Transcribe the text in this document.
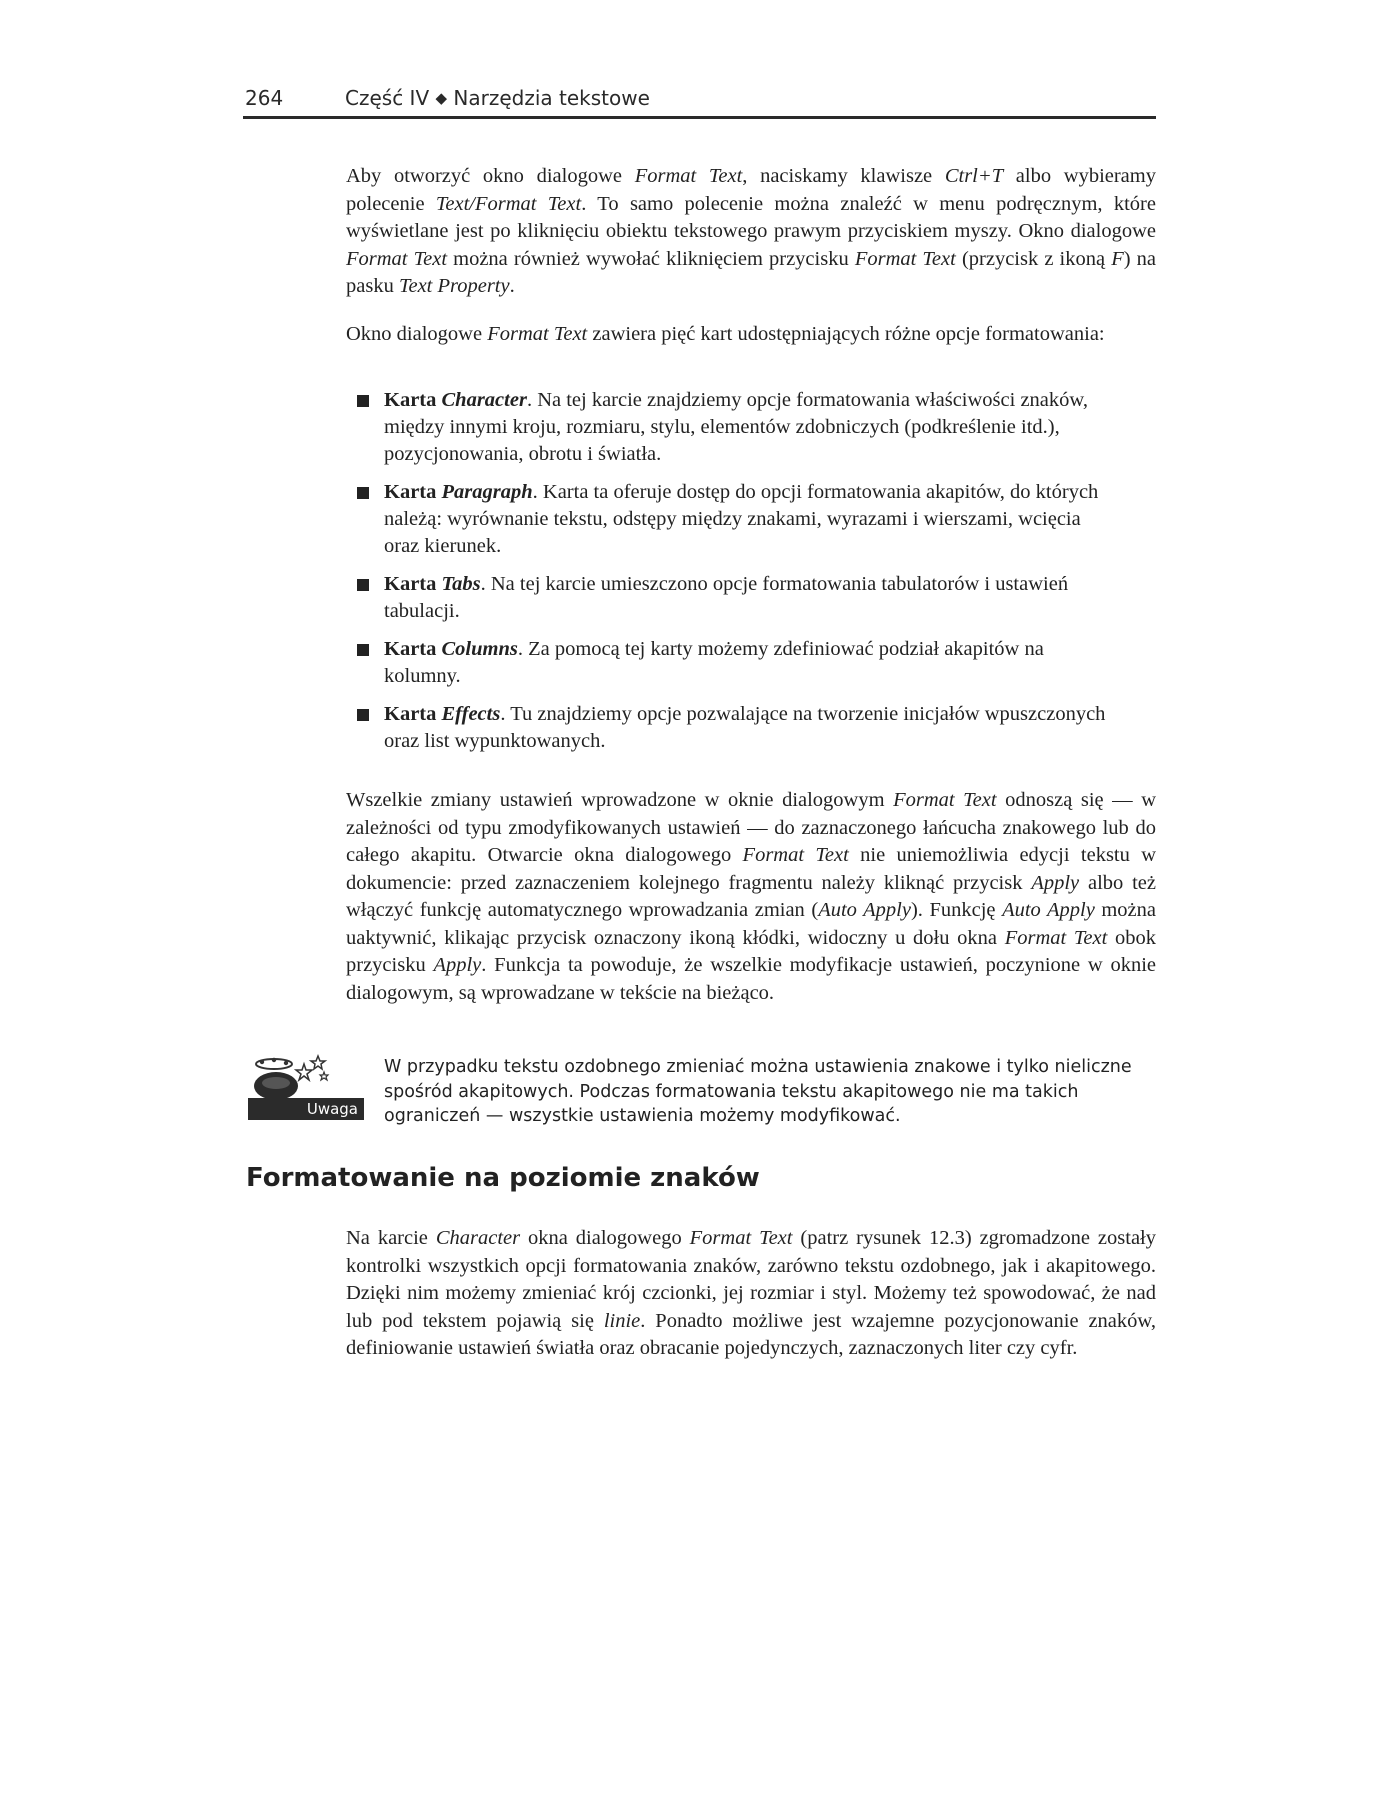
264	Część IV ◆ Narzędzia tekstowe

Aby otworzyć okno dialogowe Format Text, naciskamy klawisze Ctrl+T albo wybieramy polecenie Text/Format Text. To samo polecenie można znaleźć w menu podręcznym, które wyświetlane jest po kliknięciu obiektu tekstowego prawym przyciskiem myszy. Okno dialogowe Format Text można również wywołać kliknięciem przycisku Format Text (przycisk z ikoną F) na pasku Text Property.

Okno dialogowe Format Text zawiera pięć kart udostępniających różne opcje formatowania:

Karta Character. Na tej karcie znajdziemy opcje formatowania właściwości znaków, między innymi kroju, rozmiaru, stylu, elementów zdobniczych (podkreślenie itd.), pozycjonowania, obrotu i światła.
Karta Paragraph. Karta ta oferuje dostęp do opcji formatowania akapitów, do których należą: wyrównanie tekstu, odstępy między znakami, wyrazami i wierszami, wcięcia oraz kierunek.
Karta Tabs. Na tej karcie umieszczono opcje formatowania tabulatorów i ustawień tabulacji.
Karta Columns. Za pomocą tej karty możemy zdefiniować podział akapitów na kolumny.
Karta Effects. Tu znajdziemy opcje pozwalające na tworzenie inicjałów wpuszczonych oraz list wypunktowanych.

Wszelkie zmiany ustawień wprowadzone w oknie dialogowym Format Text odnoszą się — w zależności od typu zmodyfikowanych ustawień — do zaznaczonego łańcucha znakowego lub do całego akapitu. Otwarcie okna dialogowego Format Text nie uniemożliwia edycji tekstu w dokumencie: przed zaznaczeniem kolejnego fragmentu należy kliknąć przycisk Apply albo też włączyć funkcję automatycznego wprowadzania zmian (Auto Apply). Funkcję Auto Apply można uaktywnić, klikając przycisk oznaczony ikoną kłódki, widoczny u dołu okna Format Text obok przycisku Apply. Funkcja ta powoduje, że wszelkie modyfikacje ustawień, poczynione w oknie dialogowym, są wprowadzane w tekście na bieżąco.

Uwaga

W przypadku tekstu ozdobnego zmieniać można ustawienia znakowe i tylko nieliczne spośród akapitowych. Podczas formatowania tekstu akapitowego nie ma takich ograniczeń — wszystkie ustawienia możemy modyfikować.

Formatowanie na poziomie znaków

Na karcie Character okna dialogowego Format Text (patrz rysunek 12.3) zgromadzone zostały kontrolki wszystkich opcji formatowania znaków, zarówno tekstu ozdobnego, jak i akapitowego. Dzięki nim możemy zmieniać krój czcionki, jej rozmiar i styl. Możemy też spowodować, że nad lub pod tekstem pojawią się linie. Ponadto możliwe jest wzajemne pozycjonowanie znaków, definiowanie ustawień światła oraz obracanie pojedynczych, zaznaczonych liter czy cyfr.
